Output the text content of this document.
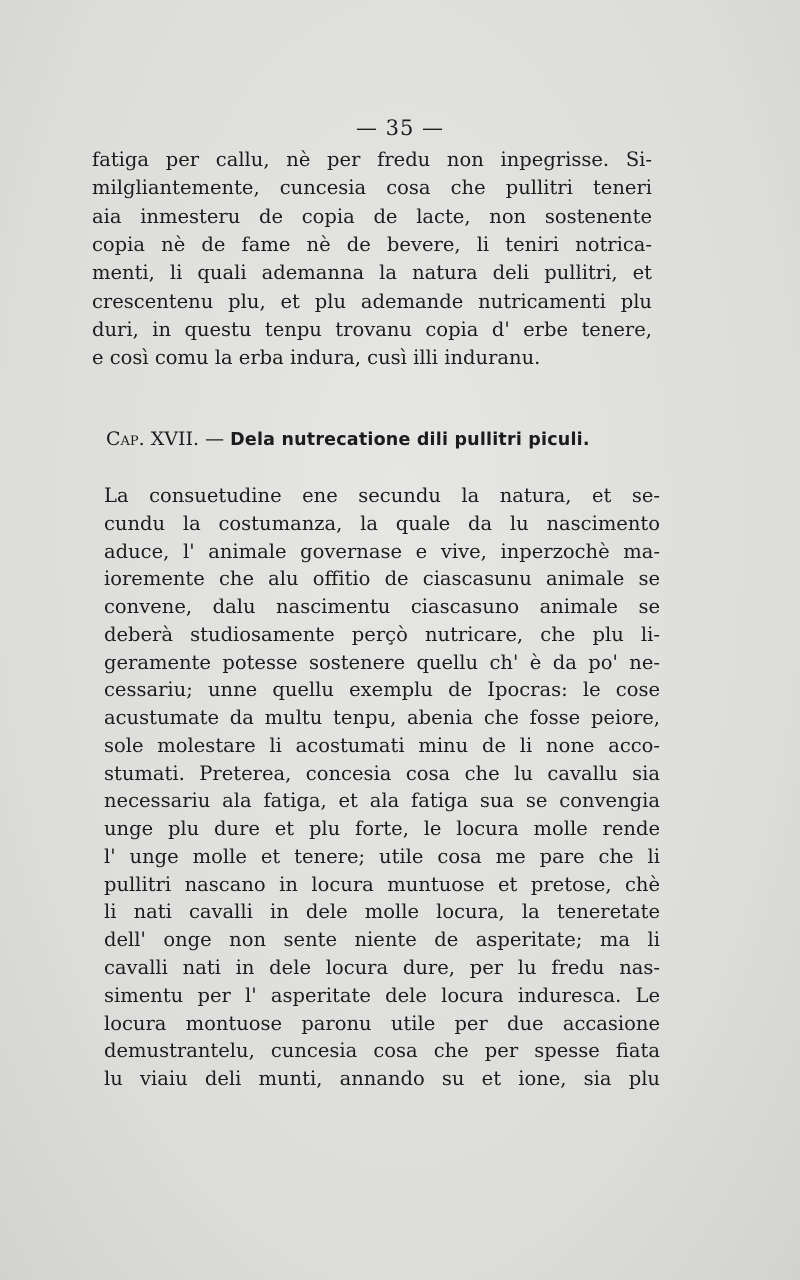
— 35 —
fatiga per callu, nè per fredu non inpegrisse. Si-
milgliantemente, cuncesia cosa che pullitri teneri
aia inmesteru de copia de lacte, non sostenente
copia nè de fame nè de bevere, li teniri notrica-
menti, li quali ademanna la natura deli pullitri, et
crescentenu plu, et plu ademande nutricamenti plu
duri, in questu tenpu trovanu copia d' erbe tenere,
e così comu la erba indura, cusì illi induranu.
Cap. XVII. — Dela nutrecatione dili pullitri piculi.
La consuetudine ene secundu la natura, et se-
cundu la costumanza, la quale da lu nascimento
aduce, l' animale governase e vive, inperzochè ma-
ioremente che alu offitio de ciascasunu animale se
convene, dalu nascimentu ciascasuno animale se
deberà studiosamente perçò nutricare, che plu li-
geramente potesse sostenere quellu ch' è da po' ne-
cessariu; unne quellu exemplu de Ipocras: le cose
acustumate da multu tenpu, abenia che fosse peiore,
sole molestare li acostumati minu de li none acco-
stumati. Preterea, concesia cosa che lu cavallu sia
necessariu ala fatiga, et ala fatiga sua se convengia
unge plu dure et plu forte, le locura molle rende
l' unge molle et tenere; utile cosa me pare che li
pullitri nascano in locura muntuose et pretose, chè
li nati cavalli in dele molle locura, la teneretate
dell' onge non sente niente de asperitate; ma li
cavalli nati in dele locura dure, per lu fredu nas-
simentu per l' asperitate dele locura induresca. Le
locura montuose paronu utile per due accasione
demustrantelu, cuncesia cosa che per spesse fiata
lu viaiu deli munti, annando su et ione, sia plu
